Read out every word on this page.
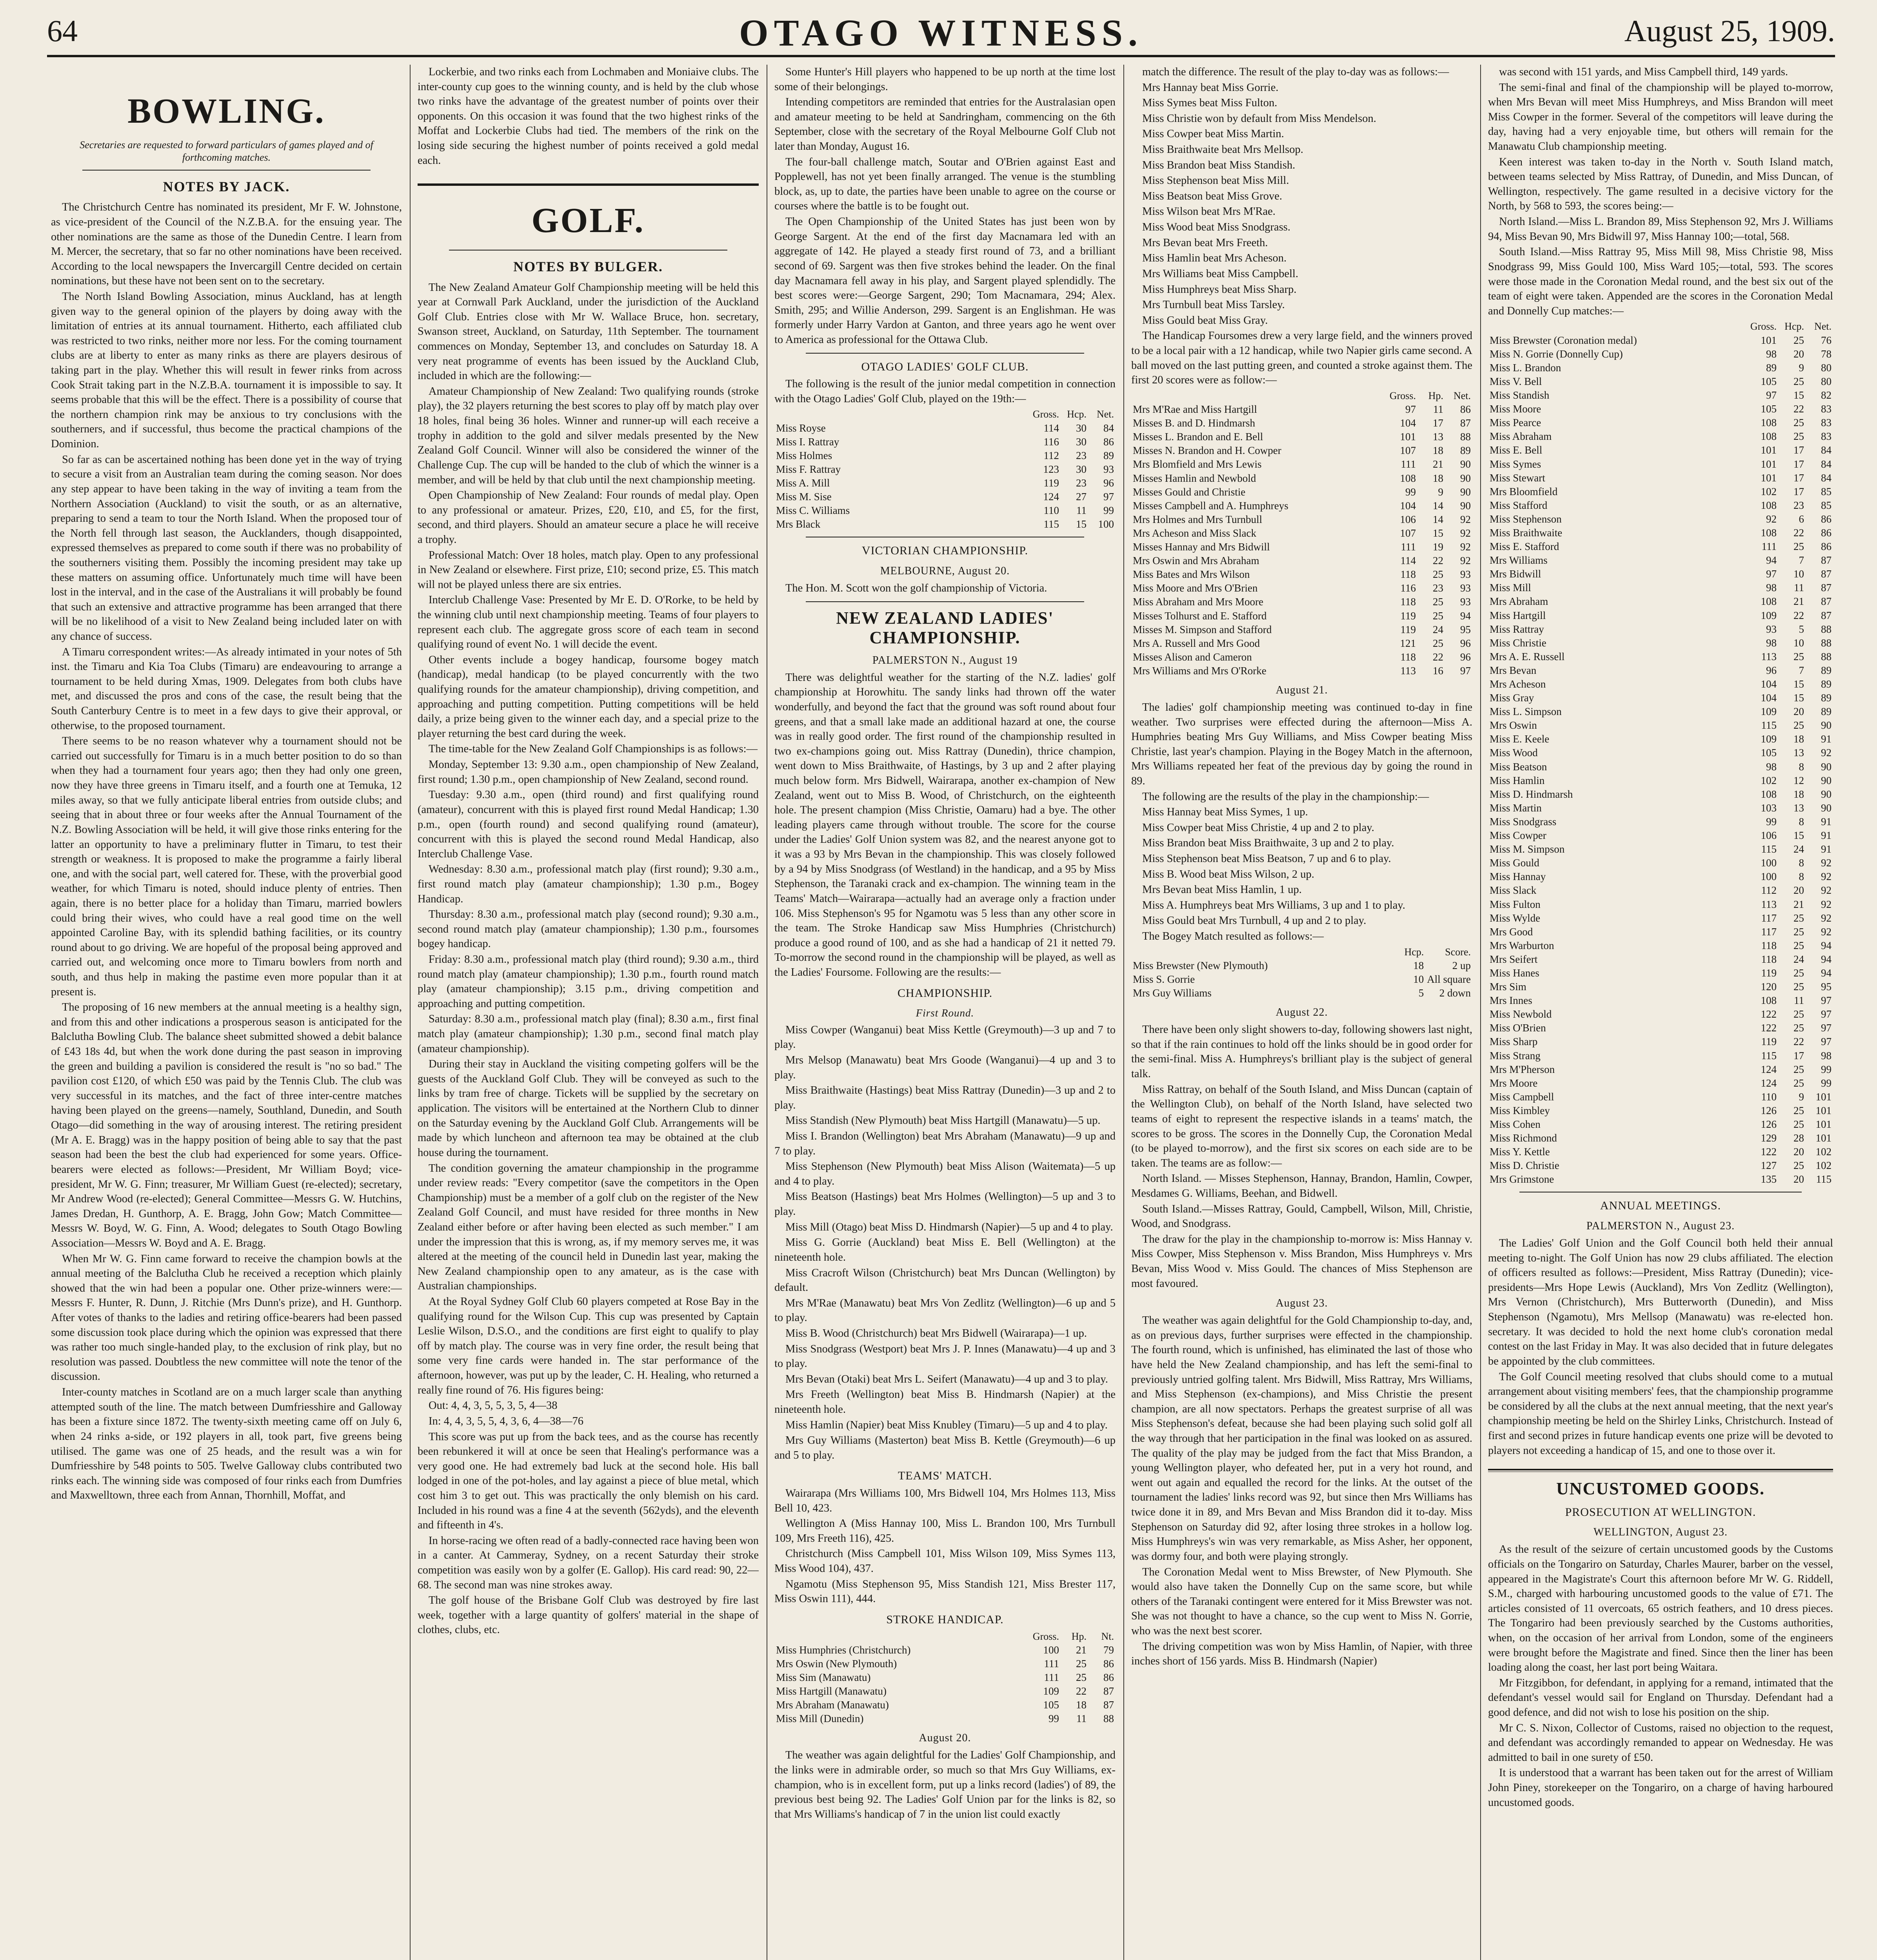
64	OTAGO WITNESS.	August 25, 1909.
BOWLING.
Secretaries are requested to forward particulars of games played and of forthcoming matches.
NOTES BY JACK.

The Christchurch Centre has nominated its president, Mr F. W. Johnstone, as vice-president of the Council of the N.Z.B.A. for the ensuing year. The other nominations are the same as those of the Dunedin Centre. I learn from M. Mercer, the secretary, that so far no other nominations have been received. According to the local newspapers the Invercargill Centre decided on certain nominations, but these have not been sent on to the secretary.

The North Island Bowling Association, minus Auckland, has at length given way to the general opinion of the players by doing away with the limitation of entries at its annual tournament. Hitherto, each affiliated club was restricted to two rinks, neither more nor less. For the coming tournament clubs are at liberty to enter as many rinks as there are players desirous of taking part in the play. Whether this will result in fewer rinks from across Cook Strait taking part in the N.Z.B.A. tournament it is impossible to say. It seems probable that this will be the effect. There is a possibility of course that the northern champion rink may be anxious to try conclusions with the southerners, and if successful, thus become the practical champions of the Dominion.

So far as can be ascertained nothing has been done yet in the way of trying to secure a visit from an Australian team during the coming season. Nor does any step appear to have been taking in the way of inviting a team from the Northern Association (Auckland) to visit the south, or as an alternative, preparing to send a team to tour the North Island. When the proposed tour of the North fell through last season, the Aucklanders, though disappointed, expressed themselves as prepared to come south if there was no probability of the southerners visiting them. Possibly the incoming president may take up these matters on assuming office. Unfortunately much time will have been lost in the interval, and in the case of the Australians it will probably be found that such an extensive and attractive programme has been arranged that there will be no likelihood of a visit to New Zealand being included later on with any chance of success.

A Timaru correspondent writes:—As already intimated in your notes of 5th inst. the Timaru and Kia Toa Clubs (Timaru) are endeavouring to arrange a tournament to be held during Xmas, 1909. Delegates from both clubs have met, and discussed the pros and cons of the case, the result being that the South Canterbury Centre is to meet in a few days to give their approval, or otherwise, to the proposed tournament.

There seems to be no reason whatever why a tournament should not be carried out successfully for Timaru is in a much better position to do so than when they had a tournament four years ago; then they had only one green, now they have three greens in Timaru itself, and a fourth one at Temuka, 12 miles away, so that we fully anticipate liberal entries from outside clubs; and seeing that in about three or four weeks after the Annual Tournament of the N.Z. Bowling Association will be held, it will give those rinks entering for the latter an opportunity to have a preliminary flutter in Timaru, to test their strength or weakness. It is proposed to make the programme a fairly liberal one, and with the social part, well catered for. These, with the proverbial good weather, for which Timaru is noted, should induce plenty of entries. Then again, there is no better place for a holiday than Timaru, married bowlers could bring their wives, who could have a real good time on the well appointed Caroline Bay, with its splendid bathing facilities, or its country round about to go driving. We are hopeful of the proposal being approved and carried out, and welcoming once more to Timaru bowlers from north and south, and thus help in making the pastime even more popular than it at present is.

The proposing of 16 new members at the annual meeting is a healthy sign, and from this and other indications a prosperous season is anticipated for the Balclutha Bowling Club. The balance sheet submitted showed a debit balance of £43 18s 4d, but when the work done during the past season in improving the green and building a pavilion is considered the result is "no so bad." The pavilion cost £120, of which £50 was paid by the Tennis Club. The club was very successful in its matches, and the fact of three inter-centre matches having been played on the greens—namely, Southland, Dunedin, and South Otago—did something in the way of arousing interest. The retiring president (Mr A. E. Bragg) was in the happy position of being able to say that the past season had been the best the club had experienced for some years. Office-bearers were elected as follows:—President, Mr William Boyd; vice-president, Mr W. G. Finn; treasurer, Mr William Guest (re-elected); secretary, Mr Andrew Wood (re-elected); General Committee—Messrs G. W. Hutchins, James Dredan, H. Gunthorp, A. E. Bragg, John Gow; Match Committee—Messrs W. Boyd, W. G. Finn, A. Wood; delegates to South Otago Bowling Association—Messrs W. Boyd and A. E. Bragg.

When Mr W. G. Finn came forward to receive the champion bowls at the annual meeting of the Balclutha Club he received a reception which plainly showed that the win had been a popular one. Other prize-winners were:—Messrs F. Hunter, R. Dunn, J. Ritchie (Mrs Dunn's prize), and H. Gunthorp. After votes of thanks to the ladies and retiring office-bearers had been passed some discussion took place during which the opinion was expressed that there was rather too much single-handed play, to the exclusion of rink play, but no resolution was passed. Doubtless the new committee will note the tenor of the discussion.

Inter-county matches in Scotland are on a much larger scale than anything attempted south of the line. The match between Dumfriesshire and Galloway has been a fixture since 1872. The twenty-sixth meeting came off on July 6, when 24 rinks a-side, or 192 players in all, took part, five greens being utilised. The game was one of 25 heads, and the result was a win for Dumfriesshire by 548 points to 505. Twelve Galloway clubs contributed two rinks each. The winning side was composed of four rinks each from Dumfries and Maxwelltown, three each from Annan, Thornhill, Moffat, and

Lockerbie, and two rinks each from Lochmaben and Moniaive clubs. The inter-county cup goes to the winning county, and is held by the club whose two rinks have the advantage of the greatest number of points over their opponents. On this occasion it was found that the two highest rinks of the Moffat and Lockerbie Clubs had tied. The members of the rink on the losing side securing the highest number of points received a gold medal each.

GOLF.
NOTES BY BULGER.

The New Zealand Amateur Golf Championship meeting will be held this year at Cornwall Park Auckland, under the jurisdiction of the Auckland Golf Club. Entries close with Mr W. Wallace Bruce, hon. secretary, Swanson street, Auckland, on Saturday, 11th September. The tournament commences on Monday, September 13, and concludes on Saturday 18. A very neat programme of events has been issued by the Auckland Club, included in which are the following:—

Amateur Championship of New Zealand: Two qualifying rounds (stroke play), the 32 players returning the best scores to play off by match play over 18 holes, final being 36 holes. Winner and runner-up will each receive a trophy in addition to the gold and silver medals presented by the New Zealand Golf Council. Winner will also be considered the winner of the Challenge Cup. The cup will be handed to the club of which the winner is a member, and will be held by that club until the next championship meeting.

Open Championship of New Zealand: Four rounds of medal play. Open to any professional or amateur. Prizes, £20, £10, and £5, for the first, second, and third players. Should an amateur secure a place he will receive a trophy.

Professional Match: Over 18 holes, match play. Open to any professional in New Zealand or elsewhere. First prize, £10; second prize, £5. This match will not be played unless there are six entries.

Interclub Challenge Vase: Presented by Mr E. D. O'Rorke, to be held by the winning club until next championship meeting. Teams of four players to represent each club. The aggregate gross score of each team in second qualifying round of event No. 1 will decide the event.

Other events include a bogey handicap, foursome bogey match (handicap), medal handicap (to be played concurrently with the two qualifying rounds for the amateur championship), driving competition, and approaching and putting competition. Putting competitions will be held daily, a prize being given to the winner each day, and a special prize to the player returning the best card during the week.

The time-table for the New Zealand Golf Championships is as follows:—

Monday, September 13: 9.30 a.m., open championship of New Zealand, first round; 1.30 p.m., open championship of New Zealand, second round.

Tuesday: 9.30 a.m., open (third round) and first qualifying round (amateur), concurrent with this is played first round Medal Handicap; 1.30 p.m., open (fourth round) and second qualifying round (amateur), concurrent with this is played the second round Medal Handicap, also Interclub Challenge Vase.

Wednesday: 8.30 a.m., professional match play (first round); 9.30 a.m., first round match play (amateur championship); 1.30 p.m., Bogey Handicap.

Thursday: 8.30 a.m., professional match play (second round); 9.30 a.m., second round match play (amateur championship); 1.30 p.m., foursomes bogey handicap.

Friday: 8.30 a.m., professional match play (third round); 9.30 a.m., third round match play (amateur championship); 1.30 p.m., fourth round match play (amateur championship); 3.15 p.m., driving competition and approaching and putting competition.

Saturday: 8.30 a.m., professional match play (final); 8.30 a.m., first final match play (amateur championship); 1.30 p.m., second final match play (amateur championship).

During their stay in Auckland the visiting competing golfers will be the guests of the Auckland Golf Club. They will be conveyed as such to the links by tram free of charge. Tickets will be supplied by the secretary on application. The visitors will be entertained at the Northern Club to dinner on the Saturday evening by the Auckland Golf Club. Arrangements will be made by which luncheon and afternoon tea may be obtained at the club house during the tournament.

The condition governing the amateur championship in the programme under review reads: "Every competitor (save the competitors in the Open Championship) must be a member of a golf club on the register of the New Zealand Golf Council, and must have resided for three months in New Zealand either before or after having been elected as such member." I am under the impression that this is wrong, as, if my memory serves me, it was altered at the meeting of the council held in Dunedin last year, making the New Zealand championship open to any amateur, as is the case with Australian championships.

At the Royal Sydney Golf Club 60 players competed at Rose Bay in the qualifying round for the Wilson Cup. This cup was presented by Captain Leslie Wilson, D.S.O., and the conditions are first eight to qualify to play off by match play. The course was in very fine order, the result being that some very fine cards were handed in. The star performance of the afternoon, however, was put up by the leader, C. H. Healing, who returned a really fine round of 76. His figures being:

Out: 4, 4, 3, 5, 5, 3, 5, 4—38

In: 4, 4, 3, 5, 5, 4, 3, 6, 4—38—76

This score was put up from the back tees, and as the course has recently been rebunkered it will at once be seen that Healing's performance was a very good one. He had extremely bad luck at the second hole. His ball lodged in one of the pot-holes, and lay against a piece of blue metal, which cost him 3 to get out. This was practically the only blemish on his card. Included in his round was a fine 4 at the seventh (562yds), and the eleventh and fifteenth in 4's.

In horse-racing we often read of a badly-connected race having been won in a canter. At Cammeray, Sydney, on a recent Saturday their stroke competition was easily won by a golfer (E. Gallop). His card read: 90, 22—68. The second man was nine strokes away.

The golf house of the Brisbane Golf Club was destroyed by fire last week, together with a large quantity of golfers' material in the shape of clothes, clubs, etc.

Some Hunter's Hill players who happened to be up north at the time lost some of their belongings.

Intending competitors are reminded that entries for the Australasian open and amateur meeting to be held at Sandringham, commencing on the 6th September, close with the secretary of the Royal Melbourne Golf Club not later than Monday, August 16.

The four-ball challenge match, Soutar and O'Brien against East and Popplewell, has not yet been finally arranged. The venue is the stumbling block, as, up to date, the parties have been unable to agree on the course or courses where the battle is to be fought out.

The Open Championship of the United States has just been won by George Sargent. At the end of the first day Macnamara led with an aggregate of 142. He played a steady first round of 73, and a brilliant second of 69. Sargent was then five strokes behind the leader. On the final day Macnamara fell away in his play, and Sargent played splendidly. The best scores were:—George Sargent, 290; Tom Macnamara, 294; Alex. Smith, 295; and Willie Anderson, 299. Sargent is an Englishman. He was formerly under Harry Vardon at Ganton, and three years ago he went over to America as professional for the Ottawa Club.

OTAGO LADIES' GOLF CLUB.

The following is the result of the junior medal competition in connection with the Otago Ladies' Golf Club, played on the 19th:—

	Gross.	Hcp.	Net.
Miss Royse	114	30	84
Miss I. Rattray	116	30	86
Miss Holmes	112	23	89
Miss F. Rattray	123	30	93
Miss A. Mill	119	23	96
Miss M. Sise	124	27	97
Miss C. Williams	110	11	99
Mrs Black	115	15	100
VICTORIAN CHAMPIONSHIP.
MELBOURNE, August 20.

The Hon. M. Scott won the golf championship of Victoria.

NEW ZEALAND LADIES' CHAMPIONSHIP.
PALMERSTON N., August 19

There was delightful weather for the starting of the N.Z. ladies' golf championship at Horowhitu. The sandy links had thrown off the water wonderfully, and beyond the fact that the ground was soft round about four greens, and that a small lake made an additional hazard at one, the course was in really good order. The first round of the championship resulted in two ex-champions going out. Miss Rattray (Dunedin), thrice champion, went down to Miss Braithwaite, of Hastings, by 3 up and 2 after playing much below form. Mrs Bidwell, Wairarapa, another ex-champion of New Zealand, went out to Miss B. Wood, of Christchurch, on the eighteenth hole. The present champion (Miss Christie, Oamaru) had a bye. The other leading players came through without trouble. The score for the course under the Ladies' Golf Union system was 82, and the nearest anyone got to it was a 93 by Mrs Bevan in the championship. This was closely followed by a 94 by Miss Snodgrass (of Westland) in the handicap, and a 95 by Miss Stephenson, the Taranaki crack and ex-champion. The winning team in the Teams' Match—Wairarapa—actually had an average only a fraction under 106. Miss Stephenson's 95 for Ngamotu was 5 less than any other score in the team. The Stroke Handicap saw Miss Humphries (Christchurch) produce a good round of 100, and as she had a handicap of 21 it netted 79. To-morrow the second round in the championship will be played, as well as the Ladies' Foursome. Following are the results:—

CHAMPIONSHIP.
First Round.

Miss Cowper (Wanganui) beat Miss Kettle (Greymouth)—3 up and 7 to play.

Mrs Melsop (Manawatu) beat Mrs Goode (Wanganui)—4 up and 3 to play.

Miss Braithwaite (Hastings) beat Miss Rattray (Dunedin)—3 up and 2 to play.

Miss Standish (New Plymouth) beat Miss Hartgill (Manawatu)—5 up.

Miss I. Brandon (Wellington) beat Mrs Abraham (Manawatu)—9 up and 7 to play.

Miss Stephenson (New Plymouth) beat Miss Alison (Waitemata)—5 up and 4 to play.

Miss Beatson (Hastings) beat Mrs Holmes (Wellington)—5 up and 3 to play.

Miss Mill (Otago) beat Miss D. Hindmarsh (Napier)—5 up and 4 to play.

Miss G. Gorrie (Auckland) beat Miss E. Bell (Wellington) at the nineteenth hole.

Miss Cracroft Wilson (Christchurch) beat Mrs Duncan (Wellington) by default.

Mrs M'Rae (Manawatu) beat Mrs Von Zedlitz (Wellington)—6 up and 5 to play.

Miss B. Wood (Christchurch) beat Mrs Bidwell (Wairarapa)—1 up.

Miss Snodgrass (Westport) beat Mrs J. P. Innes (Manawatu)—4 up and 3 to play.

Mrs Bevan (Otaki) beat Mrs L. Seifert (Manawatu)—4 up and 3 to play.

Mrs Freeth (Wellington) beat Miss B. Hindmarsh (Napier) at the nineteenth hole.

Miss Hamlin (Napier) beat Miss Knubley (Timaru)—5 up and 4 to play.

Mrs Guy Williams (Masterton) beat Miss B. Kettle (Greymouth)—6 up and 5 to play.

TEAMS' MATCH.

Wairarapa (Mrs Williams 100, Mrs Bidwell 104, Mrs Holmes 113, Miss Bell 10, 423.

Wellington A (Miss Hannay 100, Miss L. Brandon 100, Mrs Turnbull 109, Mrs Freeth 116), 425.

Christchurch (Miss Campbell 101, Miss Wilson 109, Miss Symes 113, Miss Wood 104), 437.

Ngamotu (Miss Stephenson 95, Miss Standish 121, Miss Brester 117, Miss Oswin 111), 444.

STROKE HANDICAP.
	Gross.	Hp.	Nt.
Miss Humphries (Christchurch)	100	21	79
Mrs Oswin (New Plymouth)	111	25	86
Miss Sim (Manawatu)	111	25	86
Miss Hartgill (Manawatu)	109	22	87
Mrs Abraham (Manawatu)	105	18	87
Miss Mill (Dunedin)	99	11	88
August 20.

The weather was again delightful for the Ladies' Golf Championship, and the links were in admirable order, so much so that Mrs Guy Williams, ex-champion, who is in excellent form, put up a links record (ladies') of 89, the previous best being 92. The Ladies' Golf Union par for the links is 82, so that Mrs Williams's handicap of 7 in the union list could exactly

match the difference. The result of the play to-day was as follows:—

Mrs Hannay beat Miss Gorrie.

Miss Symes beat Miss Fulton.

Miss Christie won by default from Miss Mendelson.

Miss Cowper beat Miss Martin.

Miss Braithwaite beat Mrs Mellsop.

Miss Brandon beat Miss Standish.

Miss Stephenson beat Miss Mill.

Miss Beatson beat Miss Grove.

Miss Wilson beat Mrs M'Rae.

Miss Wood beat Miss Snodgrass.

Mrs Bevan beat Mrs Freeth.

Miss Hamlin beat Mrs Acheson.

Mrs Williams beat Miss Campbell.

Miss Humphreys beat Miss Sharp.

Mrs Turnbull beat Miss Tarsley.

Miss Gould beat Miss Gray.

The Handicap Foursomes drew a very large field, and the winners proved to be a local pair with a 12 handicap, while two Napier girls came second. A ball moved on the last putting green, and counted a stroke against them. The first 20 scores were as follow:—

	Gross.	Hp.	Net.
Mrs M'Rae and Miss Hartgill	97	11	86
Misses B. and D. Hindmarsh	104	17	87
Misses L. Brandon and E. Bell	101	13	88
Misses N. Brandon and H. Cowper	107	18	89
Mrs Blomfield and Mrs Lewis	111	21	90
Misses Hamlin and Newbold	108	18	90
Misses Gould and Christie	99	9	90
Misses Campbell and A. Humphreys	104	14	90
Mrs Holmes and Mrs Turnbull	106	14	92
Mrs Acheson and Miss Slack	107	15	92
Misses Hannay and Mrs Bidwill	111	19	92
Mrs Oswin and Mrs Abraham	114	22	92
Miss Bates and Mrs Wilson	118	25	93
Miss Moore and Mrs O'Brien	116	23	93
Miss Abraham and Mrs Moore	118	25	93
Misses Tolhurst and E. Stafford	119	25	94
Misses M. Simpson and Stafford	119	24	95
Mrs A. Russell and Mrs Good	121	25	96
Misses Alison and Cameron	118	22	96
Mrs Williams and Mrs O'Rorke	113	16	97
August 21.

The ladies' golf championship meeting was continued to-day in fine weather. Two surprises were effected during the afternoon—Miss A. Humphries beating Mrs Guy Williams, and Miss Cowper beating Miss Christie, last year's champion. Playing in the Bogey Match in the afternoon, Mrs Williams repeated her feat of the previous day by going the round in 89.

The following are the results of the play in the championship:—

Miss Hannay beat Miss Symes, 1 up.

Miss Cowper beat Miss Christie, 4 up and 2 to play.

Miss Brandon beat Miss Braithwaite, 3 up and 2 to play.

Miss Stephenson beat Miss Beatson, 7 up and 6 to play.

Miss B. Wood beat Miss Wilson, 2 up.

Mrs Bevan beat Miss Hamlin, 1 up.

Miss A. Humphreys beat Mrs Williams, 3 up and 1 to play.

Miss Gould beat Mrs Turnbull, 4 up and 2 to play.

The Bogey Match resulted as follows:—

	Hcp.	Score.
Miss Brewster (New Plymouth)	18	2 up
Miss S. Gorrie	10	All square
Mrs Guy Williams	5	2 down
August 22.

There have been only slight showers to-day, following showers last night, so that if the rain continues to hold off the links should be in good order for the semi-final. Miss A. Humphreys's brilliant play is the subject of general talk.

Miss Rattray, on behalf of the South Island, and Miss Duncan (captain of the Wellington Club), on behalf of the North Island, have selected two teams of eight to represent the respective islands in a teams' match, the scores to be gross. The scores in the Donnelly Cup, the Coronation Medal (to be played to-morrow), and the first six scores on each side are to be taken. The teams are as follow:—

North Island. — Misses Stephenson, Hannay, Brandon, Hamlin, Cowper, Mesdames G. Williams, Beehan, and Bidwell.

South Island.—Misses Rattray, Gould, Campbell, Wilson, Mill, Christie, Wood, and Snodgrass.

The draw for the play in the championship to-morrow is: Miss Hannay v. Miss Cowper, Miss Stephenson v. Miss Brandon, Miss Humphreys v. Mrs Bevan, Miss Wood v. Miss Gould. The chances of Miss Stephenson are most favoured.

August 23.

The weather was again delightful for the Gold Championship to-day, and, as on previous days, further surprises were effected in the championship. The fourth round, which is unfinished, has eliminated the last of those who have held the New Zealand championship, and has left the semi-final to previously untried golfing talent. Mrs Bidwill, Miss Rattray, Mrs Williams, and Miss Stephenson (ex-champions), and Miss Christie the present champion, are all now spectators. Perhaps the greatest surprise of all was Miss Stephenson's defeat, because she had been playing such solid golf all the way through that her participation in the final was looked on as assured. The quality of the play may be judged from the fact that Miss Brandon, a young Wellington player, who defeated her, put in a very hot round, and went out again and equalled the record for the links. At the outset of the tournament the ladies' links record was 92, but since then Mrs Williams has twice done it in 89, and Mrs Bevan and Miss Brandon did it to-day. Miss Stephenson on Saturday did 92, after losing three strokes in a hollow log. Miss Humphreys's win was very remarkable, as Miss Asher, her opponent, was dormy four, and both were playing strongly.

The Coronation Medal went to Miss Brewster, of New Plymouth. She would also have taken the Donnelly Cup on the same score, but while others of the Taranaki contingent were entered for it Miss Brewster was not. She was not thought to have a chance, so the cup went to Miss N. Gorrie, who was the next best scorer.

The driving competition was won by Miss Hamlin, of Napier, with three inches short of 156 yards. Miss B. Hindmarsh (Napier)

was second with 151 yards, and Miss Campbell third, 149 yards.

The semi-final and final of the championship will be played to-morrow, when Mrs Bevan will meet Miss Humphreys, and Miss Brandon will meet Miss Cowper in the former. Several of the competitors will leave during the day, having had a very enjoyable time, but others will remain for the Manawatu Club championship meeting.

Keen interest was taken to-day in the North v. South Island match, between teams selected by Miss Rattray, of Dunedin, and Miss Duncan, of Wellington, respectively. The game resulted in a decisive victory for the North, by 568 to 593, the scores being:—

North Island.—Miss L. Brandon 89, Miss Stephenson 92, Mrs J. Williams 94, Miss Bevan 90, Mrs Bidwill 97, Miss Hannay 100;—total, 568.

South Island.—Miss Rattray 95, Miss Mill 98, Miss Christie 98, Miss Snodgrass 99, Miss Gould 100, Miss Ward 105;—total, 593. The scores were those made in the Coronation Medal round, and the best six out of the team of eight were taken. Appended are the scores in the Coronation Medal and Donnelly Cup matches:—

	Gross.	Hcp.	Net.
Miss Brewster (Coronation medal)	101	25	76
Miss N. Gorrie (Donnelly Cup)	98	20	78
Miss L. Brandon	89	9	80
Miss V. Bell	105	25	80
Miss Standish	97	15	82
Miss Moore	105	22	83
Miss Pearce	108	25	83
Miss Abraham	108	25	83
Miss E. Bell	101	17	84
Miss Symes	101	17	84
Miss Stewart	101	17	84
Mrs Bloomfield	102	17	85
Miss Stafford	108	23	85
Miss Stephenson	92	6	86
Miss Braithwaite	108	22	86
Miss E. Stafford	111	25	86
Mrs Williams	94	7	87
Mrs Bidwill	97	10	87
Miss Mill	98	11	87
Mrs Abraham	108	21	87
Miss Hartgill	109	22	87
Miss Rattray	93	5	88
Miss Christie	98	10	88
Mrs A. E. Russell	113	25	88
Mrs Bevan	96	7	89
Mrs Acheson	104	15	89
Miss Gray	104	15	89
Miss L. Simpson	109	20	89
Mrs Oswin	115	25	90
Miss E. Keele	109	18	91
Miss Wood	105	13	92
Miss Beatson	98	8	90
Miss Hamlin	102	12	90
Miss D. Hindmarsh	108	18	90
Miss Martin	103	13	90
Miss Snodgrass	99	8	91
Miss Cowper	106	15	91
Miss M. Simpson	115	24	91
Miss Gould	100	8	92
Miss Hannay	100	8	92
Miss Slack	112	20	92
Miss Fulton	113	21	92
Miss Wylde	117	25	92
Mrs Good	117	25	92
Mrs Warburton	118	25	94
Mrs Seifert	118	24	94
Miss Hanes	119	25	94
Mrs Sim	120	25	95
Mrs Innes	108	11	97
Miss Newbold	122	25	97
Miss O'Brien	122	25	97
Miss Sharp	119	22	97
Miss Strang	115	17	98
Mrs M'Pherson	124	25	99
Mrs Moore	124	25	99
Miss Campbell	110	9	101
Miss Kimbley	126	25	101
Miss Cohen	126	25	101
Miss Richmond	129	28	101
Miss Y. Kettle	122	20	102
Miss D. Christie	127	25	102
Mrs Grimstone	135	20	115
ANNUAL MEETINGS.
PALMERSTON N., August 23.

The Ladies' Golf Union and the Golf Council both held their annual meeting to-night. The Golf Union has now 29 clubs affiliated. The election of officers resulted as follows:—President, Miss Rattray (Dunedin); vice-presidents—Mrs Hope Lewis (Auckland), Mrs Von Zedlitz (Wellington), Mrs Vernon (Christchurch), Mrs Butterworth (Dunedin), and Miss Stephenson (Ngamotu), Mrs Mellsop (Manawatu) was re-elected hon. secretary. It was decided to hold the next home club's coronation medal contest on the last Friday in May. It was also decided that in future delegates be appointed by the club committees.

The Golf Council meeting resolved that clubs should come to a mutual arrangement about visiting members' fees, that the championship programme be considered by all the clubs at the next annual meeting, that the next year's championship meeting be held on the Shirley Links, Christchurch. Instead of first and second prizes in future handicap events one prize will be devoted to players not exceeding a handicap of 15, and one to those over it.

UNCUSTOMED GOODS.
PROSECUTION AT WELLINGTON.
WELLINGTON, August 23.

As the result of the seizure of certain uncustomed goods by the Customs officials on the Tongariro on Saturday, Charles Maurer, barber on the vessel, appeared in the Magistrate's Court this afternoon before Mr W. G. Riddell, S.M., charged with harbouring uncustomed goods to the value of £71. The articles consisted of 11 overcoats, 65 ostrich feathers, and 10 dress pieces. The Tongariro had been previously searched by the Customs authorities, when, on the occasion of her arrival from London, some of the engineers were brought before the Magistrate and fined. Since then the liner has been loading along the coast, her last port being Waitara.

Mr Fitzgibbon, for defendant, in applying for a remand, intimated that the defendant's vessel would sail for England on Thursday. Defendant had a good defence, and did not wish to lose his position on the ship.

Mr C. S. Nixon, Collector of Customs, raised no objection to the request, and defendant was accordingly remanded to appear on Wednesday. He was admitted to bail in one surety of £50.

It is understood that a warrant has been taken out for the arrest of William John Piney, storekeeper on the Tongariro, on a charge of having harboured uncustomed goods.
